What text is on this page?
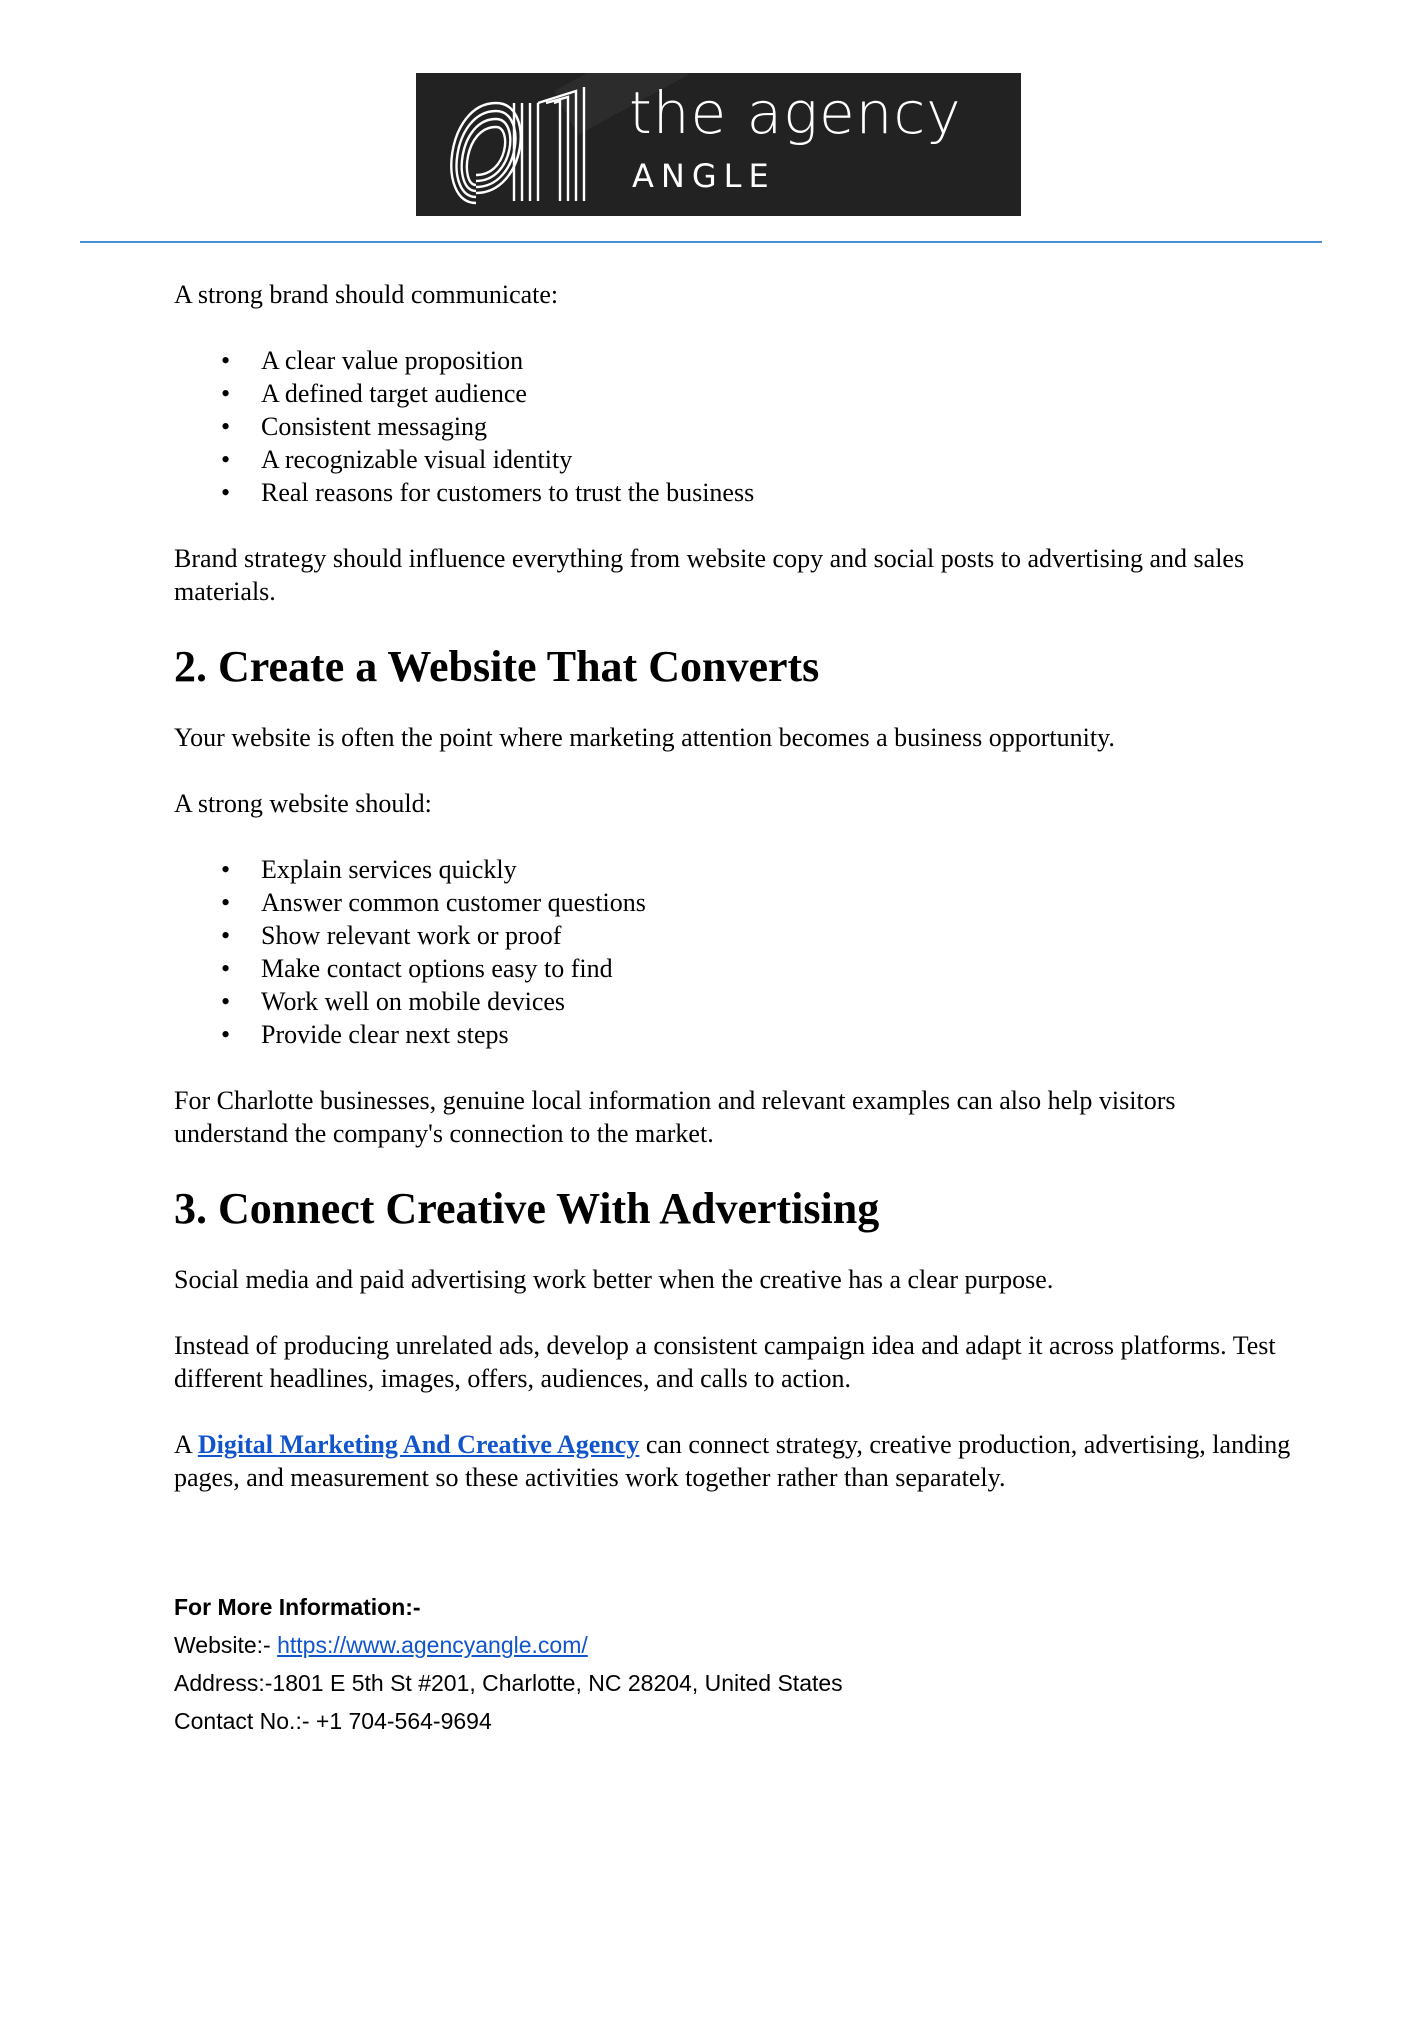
the agency
ANGLE

A strong brand should communicate:

• A clear value proposition
• A defined target audience
• Consistent messaging
• A recognizable visual identity
• Real reasons for customers to trust the business

Brand strategy should influence everything from website copy and social posts to advertising and sales materials.

2. Create a Website That Converts

Your website is often the point where marketing attention becomes a business opportunity.

A strong website should:

• Explain services quickly
• Answer common customer questions
• Show relevant work or proof
• Make contact options easy to find
• Work well on mobile devices
• Provide clear next steps

For Charlotte businesses, genuine local information and relevant examples can also help visitors understand the company's connection to the market.

3. Connect Creative With Advertising

Social media and paid advertising work better when the creative has a clear purpose.

Instead of producing unrelated ads, develop a consistent campaign idea and adapt it across platforms. Test different headlines, images, offers, audiences, and calls to action.

A Digital Marketing And Creative Agency can connect strategy, creative production, advertising, landing pages, and measurement so these activities work together rather than separately.

For More Information:-
Website:- https://www.agencyangle.com/
Address:-1801 E 5th St #201, Charlotte, NC 28204, United States
Contact No.:- +1 704-564-9694
